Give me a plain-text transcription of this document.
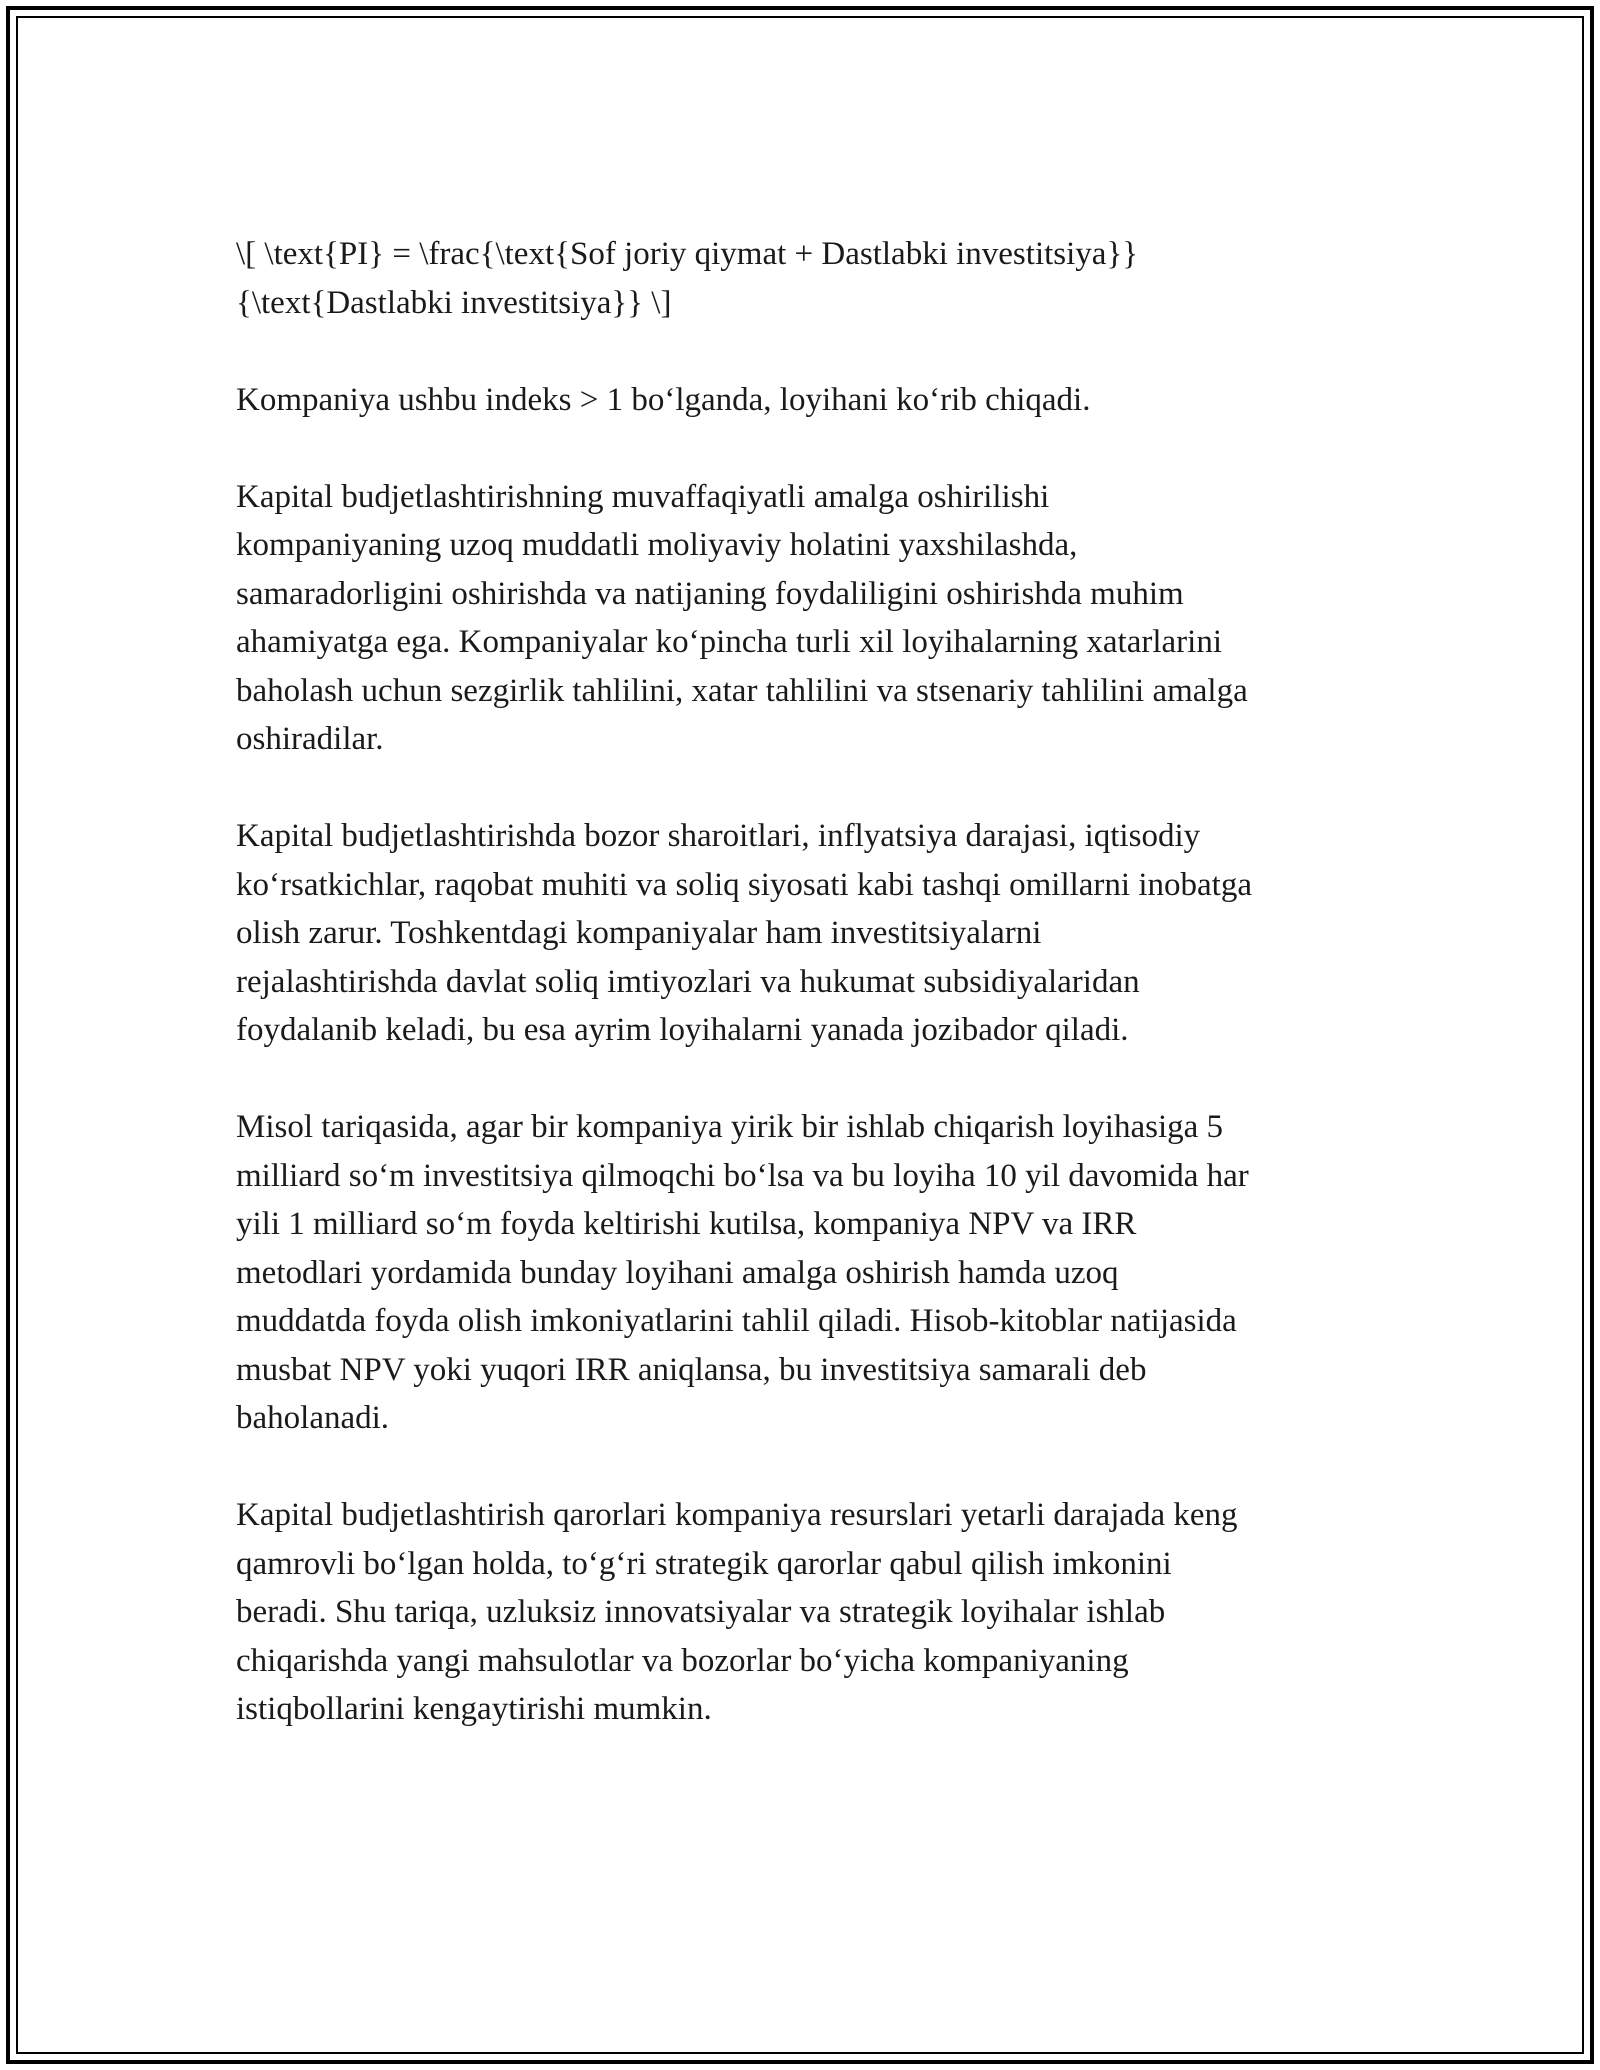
\[ \text{PI} = \frac{\text{Sof joriy qiymat + Dastlabki investitsiya}}
{\text{Dastlabki investitsiya}} \]

Kompaniya ushbu indeks > 1 boʻlganda, loyihani koʻrib chiqadi.

Kapital budjetlashtirishning muvaffaqiyatli amalga oshirilishi
kompaniyaning uzoq muddatli moliyaviy holatini yaxshilashda,
samaradorligini oshirishda va natijaning foydaliligini oshirishda muhim
ahamiyatga ega. Kompaniyalar koʻpincha turli xil loyihalarning xatarlarini
baholash uchun sezgirlik tahlilini, xatar tahlilini va stsenariy tahlilini amalga
oshiradilar.

Kapital budjetlashtirishda bozor sharoitlari, inflyatsiya darajasi, iqtisodiy
koʻrsatkichlar, raqobat muhiti va soliq siyosati kabi tashqi omillarni inobatga
olish zarur. Toshkentdagi kompaniyalar ham investitsiyalarni
rejalashtirishda davlat soliq imtiyozlari va hukumat subsidiyalaridan
foydalanib keladi, bu esa ayrim loyihalarni yanada jozibador qiladi.

Misol tariqasida, agar bir kompaniya yirik bir ishlab chiqarish loyihasiga 5
milliard soʻm investitsiya qilmoqchi boʻlsa va bu loyiha 10 yil davomida har
yili 1 milliard soʻm foyda keltirishi kutilsa, kompaniya NPV va IRR
metodlari yordamida bunday loyihani amalga oshirish hamda uzoq
muddatda foyda olish imkoniyatlarini tahlil qiladi. Hisob-kitoblar natijasida
musbat NPV yoki yuqori IRR aniqlansa, bu investitsiya samarali deb
baholanadi.

Kapital budjetlashtirish qarorlari kompaniya resurslari yetarli darajada keng
qamrovli boʻlgan holda, toʻgʻri strategik qarorlar qabul qilish imkonini
beradi. Shu tariqa, uzluksiz innovatsiyalar va strategik loyihalar ishlab
chiqarishda yangi mahsulotlar va bozorlar boʻyicha kompaniyaning
istiqbollarini kengaytirishi mumkin.
